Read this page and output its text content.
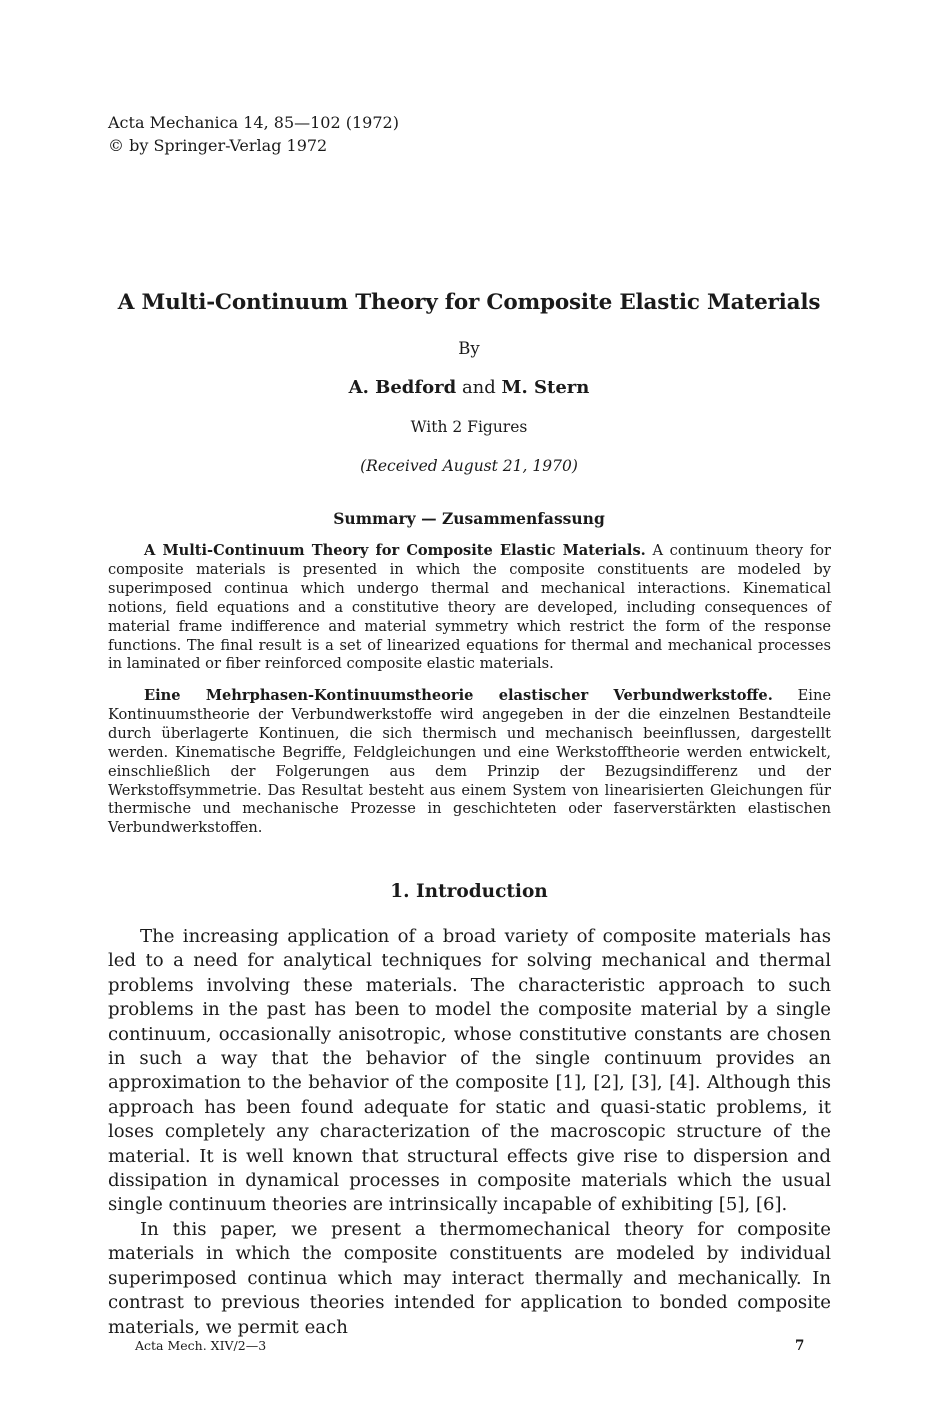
Acta Mechanica 14, 85—102 (1972)
© by Springer-Verlag 1972
A Multi-Continuum Theory for Composite Elastic Materials
By
A. Bedford and M. Stern
With 2 Figures
(Received August 21, 1970)
Summary — Zusammenfassung

A Multi-Continuum Theory for Composite Elastic Materials. A continuum theory for composite materials is presented in which the composite constituents are modeled by superimposed continua which undergo thermal and mechanical interactions. Kinematical notions, field equations and a constitutive theory are developed, including consequences of material frame indifference and material symmetry which restrict the form of the response functions. The final result is a set of linearized equations for thermal and mechanical processes in laminated or fiber reinforced composite elastic materials.

Eine Mehrphasen-Kontinuumstheorie elastischer Verbundwerkstoffe. Eine Kontinuumstheorie der Verbundwerkstoffe wird angegeben in der die einzelnen Bestandteile durch überlagerte Kontinuen, die sich thermisch und mechanisch beeinflussen, dargestellt werden. Kinematische Begriffe, Feldgleichungen und eine Werkstofftheorie werden entwickelt, einschließlich der Folgerungen aus dem Prinzip der Bezugsindifferenz und der Werkstoffsymmetrie. Das Resultat besteht aus einem System von linearisierten Gleichungen für thermische und mechanische Prozesse in geschichteten oder faserverstärkten elastischen Verbundwerkstoffen.

1. Introduction

The increasing application of a broad variety of composite materials has led to a need for analytical techniques for solving mechanical and thermal problems involving these materials. The characteristic approach to such problems in the past has been to model the composite material by a single continuum, occasionally anisotropic, whose constitutive constants are chosen in such a way that the behavior of the single continuum provides an approximation to the behavior of the composite [1], [2], [3], [4]. Although this approach has been found adequate for static and quasi-static problems, it loses completely any characterization of the macroscopic structure of the material. It is well known that structural effects give rise to dispersion and dissipation in dynamical processes in composite materials which the usual single continuum theories are intrinsically incapable of exhibiting [5], [6].

In this paper, we present a thermomechanical theory for composite materials in which the composite constituents are modeled by individual superimposed continua which may interact thermally and mechanically. In contrast to previous theories intended for application to bonded composite materials, we permit each

Acta Mech. XIV/2—3	7
